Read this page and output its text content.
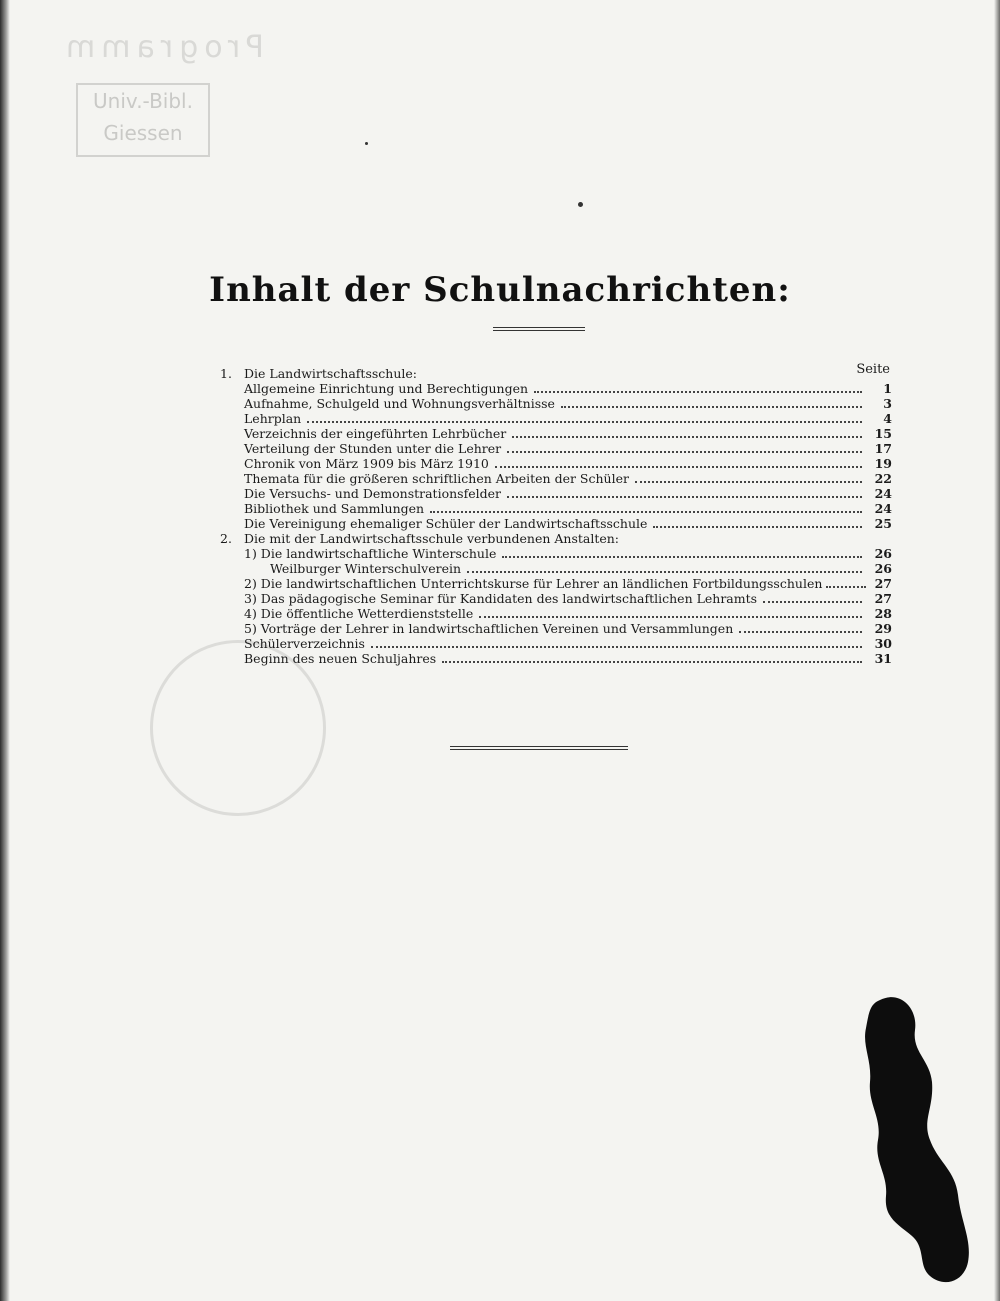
Programm
Univ.-Bibl. Giessen
Inhalt der Schulnachrichten:
Seite
1. Die Landwirtschaftsschule:
Allgemeine Einrichtung und Berechtigungen	1
Aufnahme, Schulgeld und Wohnungsverhältnisse	3
Lehrplan	4
Verzeichnis der eingeführten Lehrbücher	15
Verteilung der Stunden unter die Lehrer	17
Chronik von März 1909 bis März 1910	19
Themata für die größeren schriftlichen Arbeiten der Schüler	22
Die Versuchs- und Demonstrationsfelder	24
Bibliothek und Sammlungen	24
Die Vereinigung ehemaliger Schüler der Landwirtschaftsschule	25
2. Die mit der Landwirtschaftsschule verbundenen Anstalten:
1) Die landwirtschaftliche Winterschule	26
Weilburger Winterschulverein	26
2) Die landwirtschaftlichen Unterrichtskurse für Lehrer an ländlichen Fortbildungsschulen	27
3) Das pädagogische Seminar für Kandidaten des landwirtschaftlichen Lehramts	27
4) Die öffentliche Wetterdienststelle	28
5) Vorträge der Lehrer in landwirtschaftlichen Vereinen und Versammlungen	29
Schülerverzeichnis	30
Beginn des neuen Schuljahres	31
